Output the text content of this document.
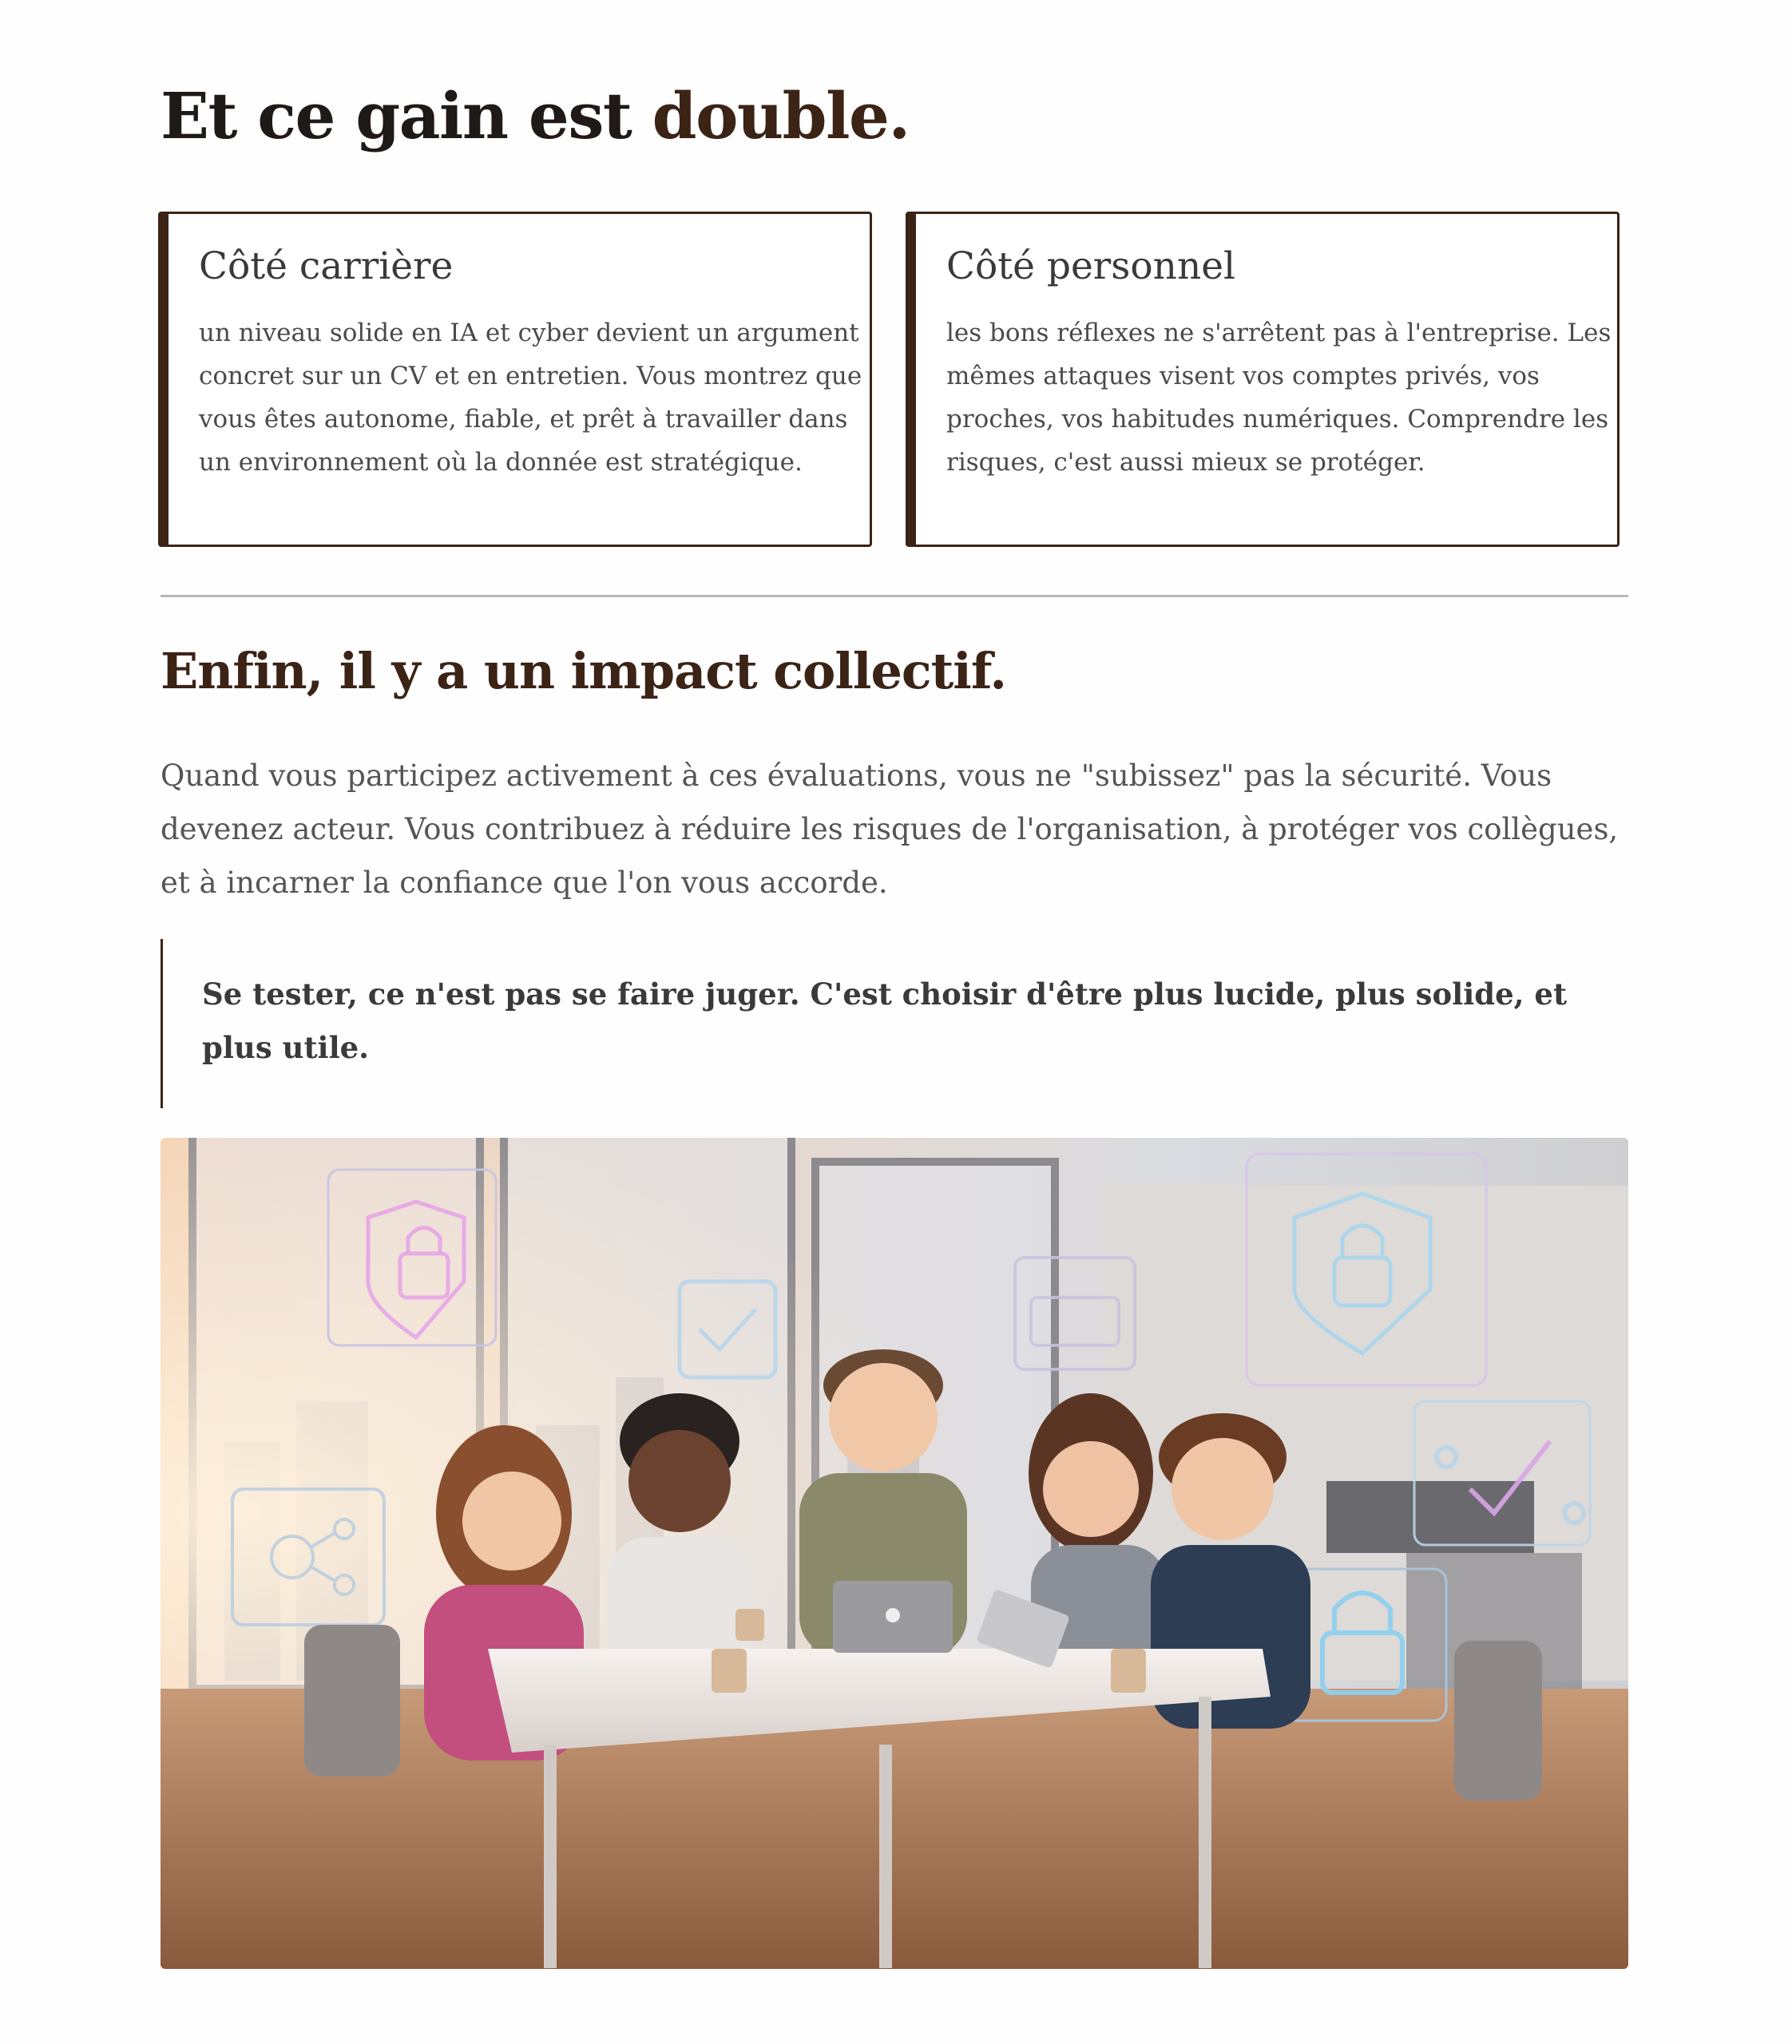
Et ce gain est double.
Côté carrière

un niveau solide en IA et cyber devient un argument concret sur un CV et en entretien. Vous montrez que vous êtes autonome, fiable, et prêt à travailler dans un environnement où la donnée est stratégique.

Côté personnel

les bons réflexes ne s'arrêtent pas à l'entreprise. Les mêmes attaques visent vos comptes privés, vos proches, vos habitudes numériques. Comprendre les risques, c'est aussi mieux se protéger.

Enfin, il y a un impact collectif.

Quand vous participez activement à ces évaluations, vous ne "subissez" pas la sécurité. Vous devenez acteur. Vous contribuez à réduire les risques de l'organisation, à protéger vos collègues, et à incarner la confiance que l'on vous accorde.

Se tester, ce n'est pas se faire juger. C'est choisir d'être plus lucide, plus solide, et plus utile.
